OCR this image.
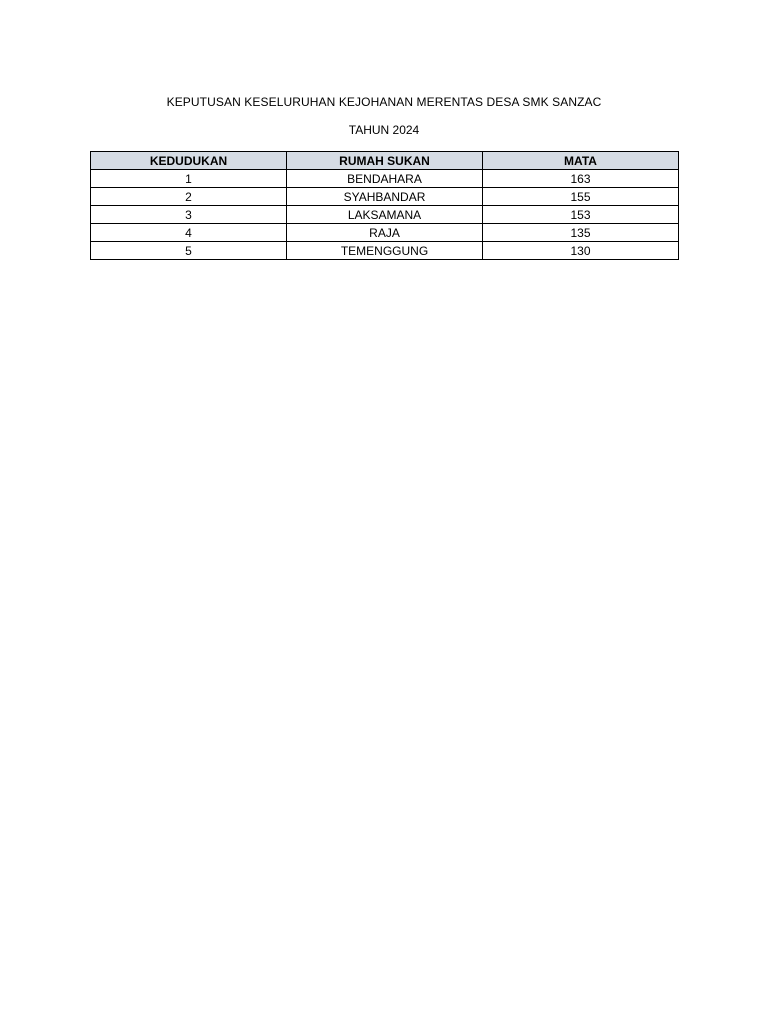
KEPUTUSAN KESELURUHAN KEJOHANAN MERENTAS DESA SMK SANZAC
TAHUN 2024
KEDUDUKAN	RUMAH SUKAN	MATA
1	BENDAHARA	163
2	SYAHBANDAR	155
3	LAKSAMANA	153
4	RAJA	135
5	TEMENGGUNG	130
